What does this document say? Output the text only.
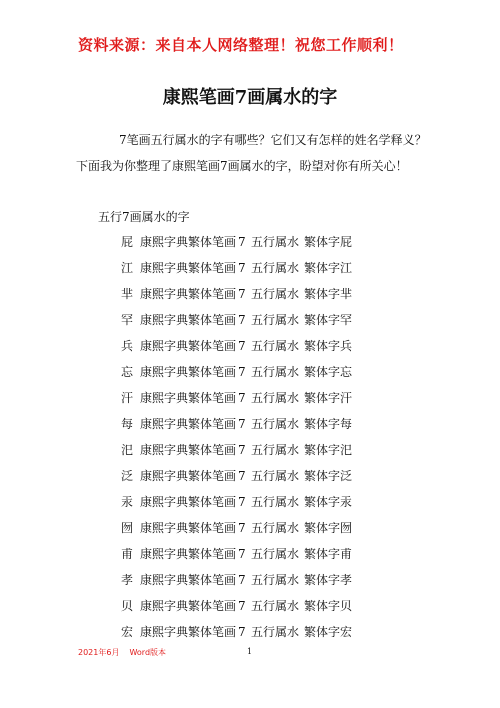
资料来源：来自本人网络整理！祝您工作顺利！
康熙笔画7画属水的字
7笔画五行属水的字有哪些？它们又有怎样的姓名学释义？
下面我为你整理了康熙笔画7画属水的字，盼望对你有所关心！
五行7画属水的字
屁 康熙字典繁体笔画 7 五行属水 繁体字屁
江 康熙字典繁体笔画 7 五行属水 繁体字江
芈 康熙字典繁体笔画 7 五行属水 繁体字芈
罕 康熙字典繁体笔画 7 五行属水 繁体字罕
兵 康熙字典繁体笔画 7 五行属水 繁体字兵
忘 康熙字典繁体笔画 7 五行属水 繁体字忘
汗 康熙字典繁体笔画 7 五行属水 繁体字汗
每 康熙字典繁体笔画 7 五行属水 繁体字每
汜 康熙字典繁体笔画 7 五行属水 繁体字汜
泛 康熙字典繁体笔画 7 五行属水 繁体字泛
汞 康熙字典繁体笔画 7 五行属水 繁体字汞
囫 康熙字典繁体笔画 7 五行属水 繁体字囫
甫 康熙字典繁体笔画 7 五行属水 繁体字甫
孝 康熙字典繁体笔画 7 五行属水 繁体字孝
贝 康熙字典繁体笔画 7 五行属水 繁体字贝
宏 康熙字典繁体笔画 7 五行属水 繁体字宏
2021年6月 Word版本	1
